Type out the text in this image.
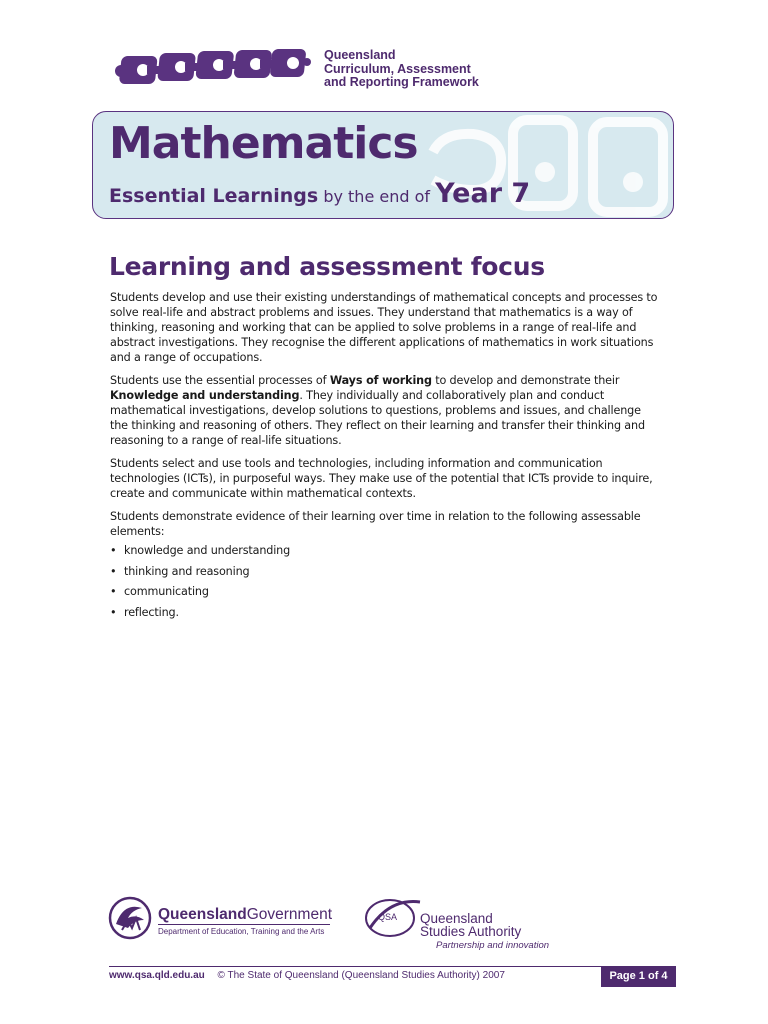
Queensland
Curriculum, Assessment
and Reporting Framework
Mathematics
Essential Learnings by the end of Year 7
Learning and assessment focus

Students develop and use their existing understandings of mathematical concepts and processes to solve real-life and abstract problems and issues. They understand that mathematics is a way of thinking, reasoning and working that can be applied to solve problems in a range of real-life and abstract investigations. They recognise the different applications of mathematics in work situations and a range of occupations.

Students use the essential processes of Ways of working to develop and demonstrate their Knowledge and understanding. They individually and collaboratively plan and conduct mathematical investigations, develop solutions to questions, problems and issues, and challenge the thinking and reasoning of others. They reflect on their learning and transfer their thinking and reasoning to a range of real-life situations.

Students select and use tools and technologies, including information and communication technologies (ICTs), in purposeful ways. They make use of the potential that ICTs provide to inquire, create and communicate within mathematical contexts.

Students demonstrate evidence of their learning over time in relation to the following assessable elements:

• knowledge and understanding
• thinking and reasoning
• communicating
• reflecting.
QueenslandGovernment
Department of Education, Training and the Arts
QSA Queensland
Studies Authority
Partnership and innovation
www.qsa.qld.edu.au © The State of Queensland (Queensland Studies Authority) 2007	Page 1 of 4
